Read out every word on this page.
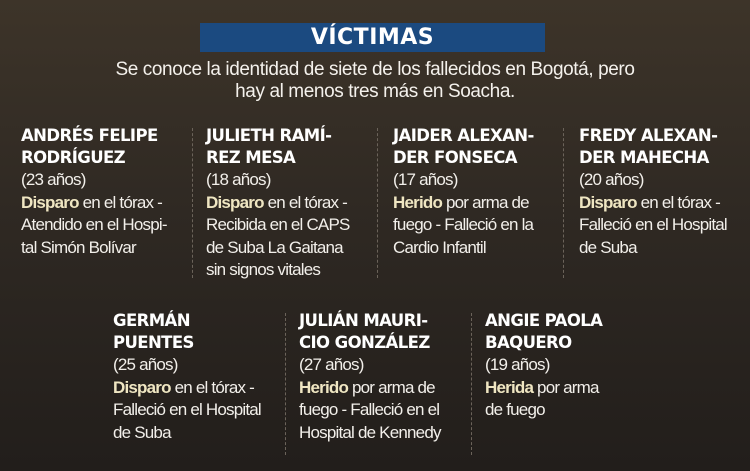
VÍCTIMAS
Se conoce la identidad de siete de los fallecidos en Bogotá, pero
hay al menos tres más en Soacha.
ANDRÉS FELIPE
RODRÍGUEZ
(23 años)
Disparo en el tórax -
Atendido en el Hospi-
tal Simón Bolívar
JULIETH RAMÍ-
REZ MESA
(18 años)
Disparo en el tórax -
Recibida en el CAPS
de Suba La Gaitana
sin signos vitales
JAIDER ALEXAN-
DER FONSECA
(17 años)
Herido por arma de
fuego - Falleció en la
Cardio Infantil
FREDY ALEXAN-
DER MAHECHA
(20 años)
Disparo en el tórax -
Falleció en el Hospital
de Suba
GERMÁN
PUENTES
(25 años)
Disparo en el tórax -
Falleció en el Hospital
de Suba
JULIÁN MAURI-
CIO GONZÁLEZ
(27 años)
Herido por arma de
fuego - Falleció en el
Hospital de Kennedy
ANGIE PAOLA
BAQUERO
(19 años)
Herida por arma
de fuego
